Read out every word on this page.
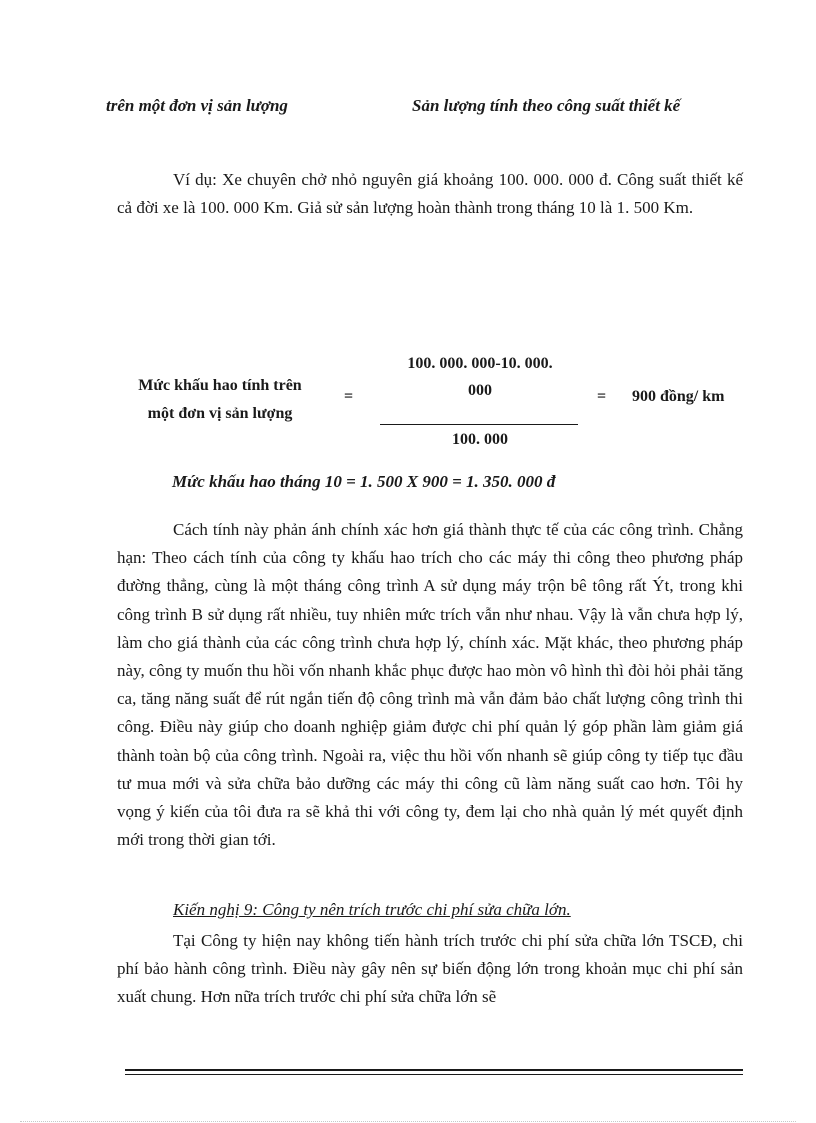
trên một đơn vị sản lượng	Sản lượng tính theo công suất thiết kế

Ví dụ: Xe chuyên chở nhỏ nguyên giá khoảng 100. 000. 000 đ. Công suất thiết kế cả đời xe là 100. 000 Km. Giả sử sản lượng hoàn thành trong tháng 10 là 1. 500 Km.

Mức khấu hao tính trên
một đơn vị sản lượng
=
100. 000. 000-10. 000.
000
100. 000
= 900 đồng/ km
Mức khấu hao tháng 10 = 1. 500 X 900 = 1. 350. 000 đ

Cách tính này phản ánh chính xác hơn giá thành thực tế của các công trình. Chẳng hạn: Theo cách tính của công ty khấu hao trích cho các máy thi công theo phương pháp đường thẳng, cùng là một tháng công trình A sử dụng máy trộn bê tông rất Ýt, trong khi công trình B sử dụng rất nhiều, tuy nhiên mức trích vẫn như nhau. Vậy là vẫn chưa hợp lý, làm cho giá thành của các công trình chưa hợp lý, chính xác. Mặt khác, theo phương pháp này, công ty muốn thu hồi vốn nhanh khắc phục được hao mòn vô hình thì đòi hỏi phải tăng ca, tăng năng suất để rút ngắn tiến độ công trình mà vẫn đảm bảo chất lượng công trình thi công. Điều này giúp cho doanh nghiệp giảm được chi phí quản lý góp phần làm giảm giá thành toàn bộ của công trình. Ngoài ra, việc thu hồi vốn nhanh sẽ giúp công ty tiếp tục đầu tư mua mới và sửa chữa bảo dưỡng các máy thi công cũ làm năng suất cao hơn. Tôi hy vọng ý kiến của tôi đưa ra sẽ khả thi với công ty, đem lại cho nhà quản lý mét quyết định mới trong thời gian tới.

Kiến nghị 9: Công ty nên trích trước chi phí sửa chữa lớn.

Tại Công ty hiện nay không tiến hành trích trước chi phí sửa chữa lớn TSCĐ, chi phí bảo hành công trình. Điều này gây nên sự biến động lớn trong khoản mục chi phí sản xuất chung. Hơn nữa trích trước chi phí sửa chữa lớn sẽ
